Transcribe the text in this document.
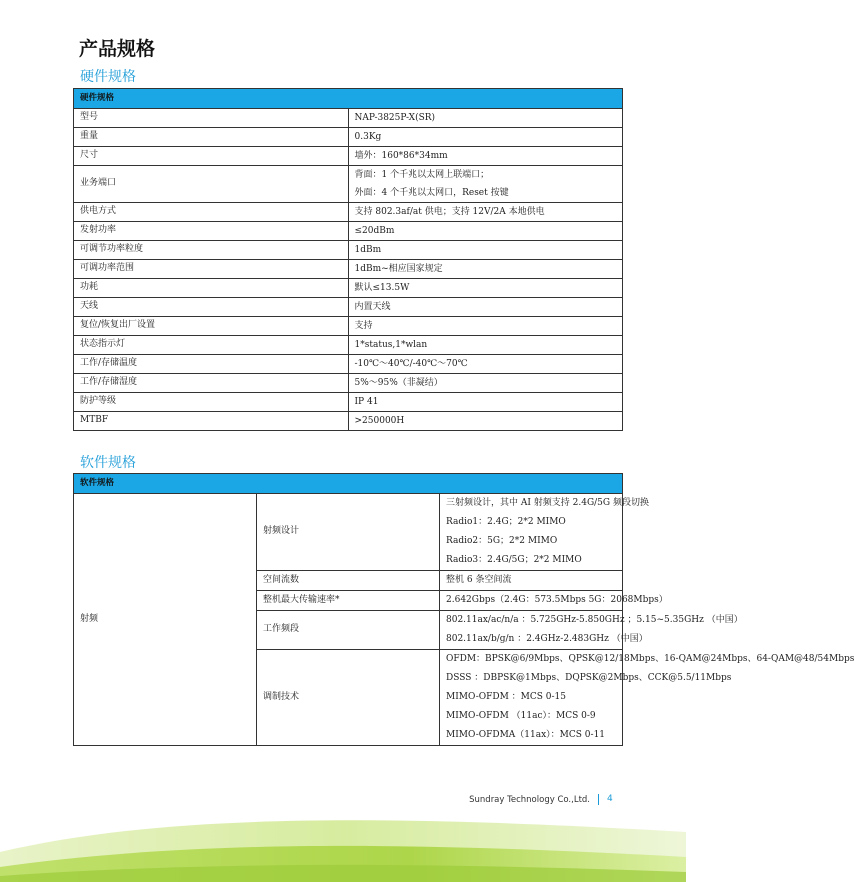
产品规格
硬件规格
硬件规格	
型号	NAP-3825P-X(SR)

重量	0.3Kg

尺寸	墙外：160*86*34mm

业务端口	背面：1 个千兆以太网上联端口；
外面：4 个千兆以太网口，Reset 按键

供电方式	支持 802.3af/at 供电；支持 12V/2A 本地供电

发射功率	≤20dBm

可调节功率粒度	1dBm

可调功率范围	1dBm~相应国家规定

功耗	默认≤13.5W

天线	内置天线

复位/恢复出厂设置	支持

状态指示灯	1*status,1*wlan

工作/存储温度	-10℃～40℃/-40℃～70℃

工作/存储湿度	5%～95%（非凝结）

防护等级	IP 41

MTBF	>250000H
软件规格
软件规格		
射频	射频设计	三射频设计，其中 AI 射频支持 2.4G/5G 频段切换
Radio1：2.4G；2*2 MIMO
Radio2：5G；2*2 MIMO
Radio3：2.4G/5G；2*2 MIMO

	空间流数	整机 6 条空间流

	整机最大传输速率*	2.642Gbps（2.4G：573.5Mbps 5G：2068Mbps）

	工作频段	802.11ax/ac/n/a ：5.725GHz-5.850GHz ；5.15~5.35GHz （中国）
802.11ax/b/g/n ：2.4GHz-2.483GHz （中国）

	调制技术	OFDM：BPSK@6/9Mbps、QPSK@12/18Mbps、16-QAM@24Mbps、64-QAM@48/54Mbps
DSSS ：DBPSK@1Mbps、DQPSK@2Mbps、CCK@5.5/11Mbps
MIMO-OFDM ：MCS 0-15
MIMO-OFDM （11ac）：MCS 0-9
MIMO-OFDMA（11ax）：MCS 0-11
Sundray Technology Co.,Ltd. 4
